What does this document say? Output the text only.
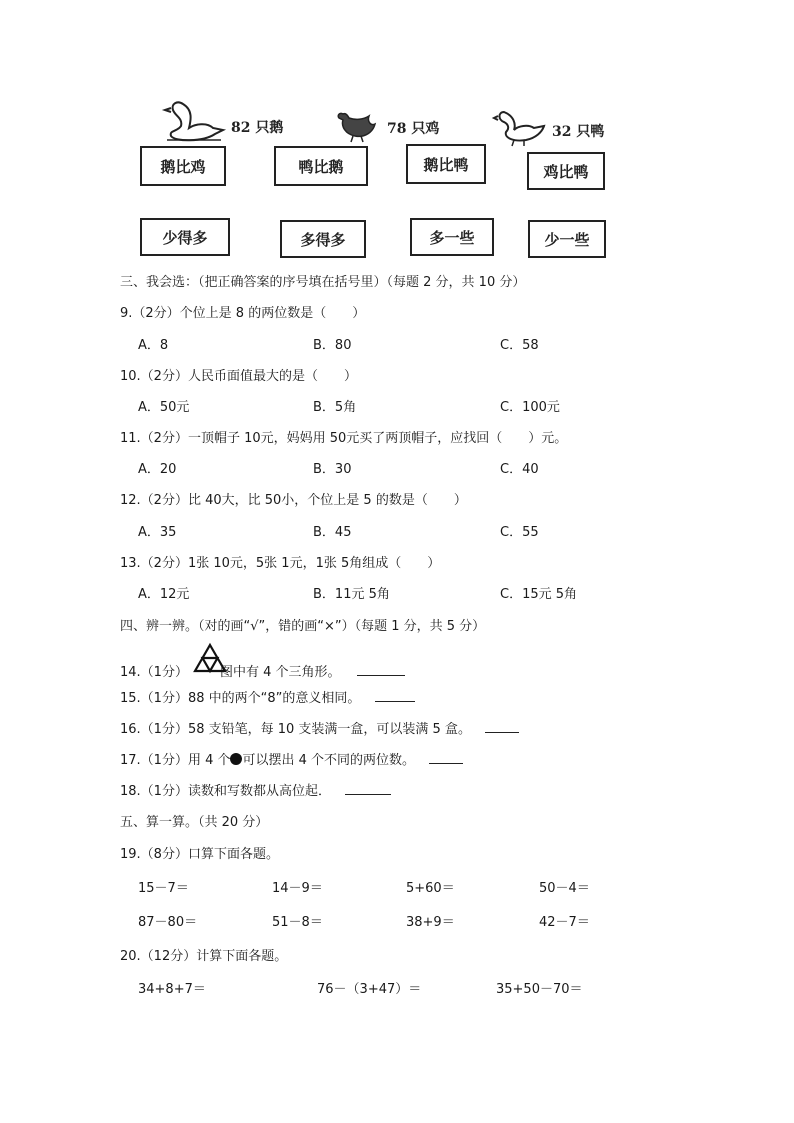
82 只鹅	78 只鸡	32 只鸭
鹅比鸡	鸭比鹅	鹅比鸭	鸡比鸭
少得多	多得多	多一些	少一些
三、我会选：（把正确答案的序号填在括号里）（每题 2 分，共 10 分）
9.（2分）个位上是 8 的两位数是（　　）
A．8	B．80	C．58
10.（2分）人民币面值最大的是（　　）
A．50元	B．5角	C．100元
11.（2分）一顶帽子 10元，妈妈用 50元买了两顶帽子，应找回（　　）元。
A．20	B．30	C．40
12.（2分）比 40大，比 50小，个位上是 5 的数是（　　）
A．35	B．45	C．55
13.（2分）1张 10元，5张 1元，1张 5角组成（　　）
A．12元	B．11元 5角	C．15元 5角
四、辨一辨。（对的画“√”，错的画“×”）（每题 1 分，共 5 分）
14.（1分） 图中有 4 个三角形。
15.（1分）88 中的两个“8”的意义相同。
16.（1分）58 支铅笔，每 10 支装满一盒，可以装满 5 盒。
17.（1分）用 4 个 可以摆出 4 个不同的两位数。
18.（1分）读数和写数都从高位起．
五、算一算。（共 20 分）
19.（8分）口算下面各题。
15－7＝	14－9＝	5+60＝	50－4＝
87－80＝	51－8＝	38+9＝	42－7＝
20.（12分）计算下面各题。
34+8+7＝	76－（3+47）＝	35+50－70＝
